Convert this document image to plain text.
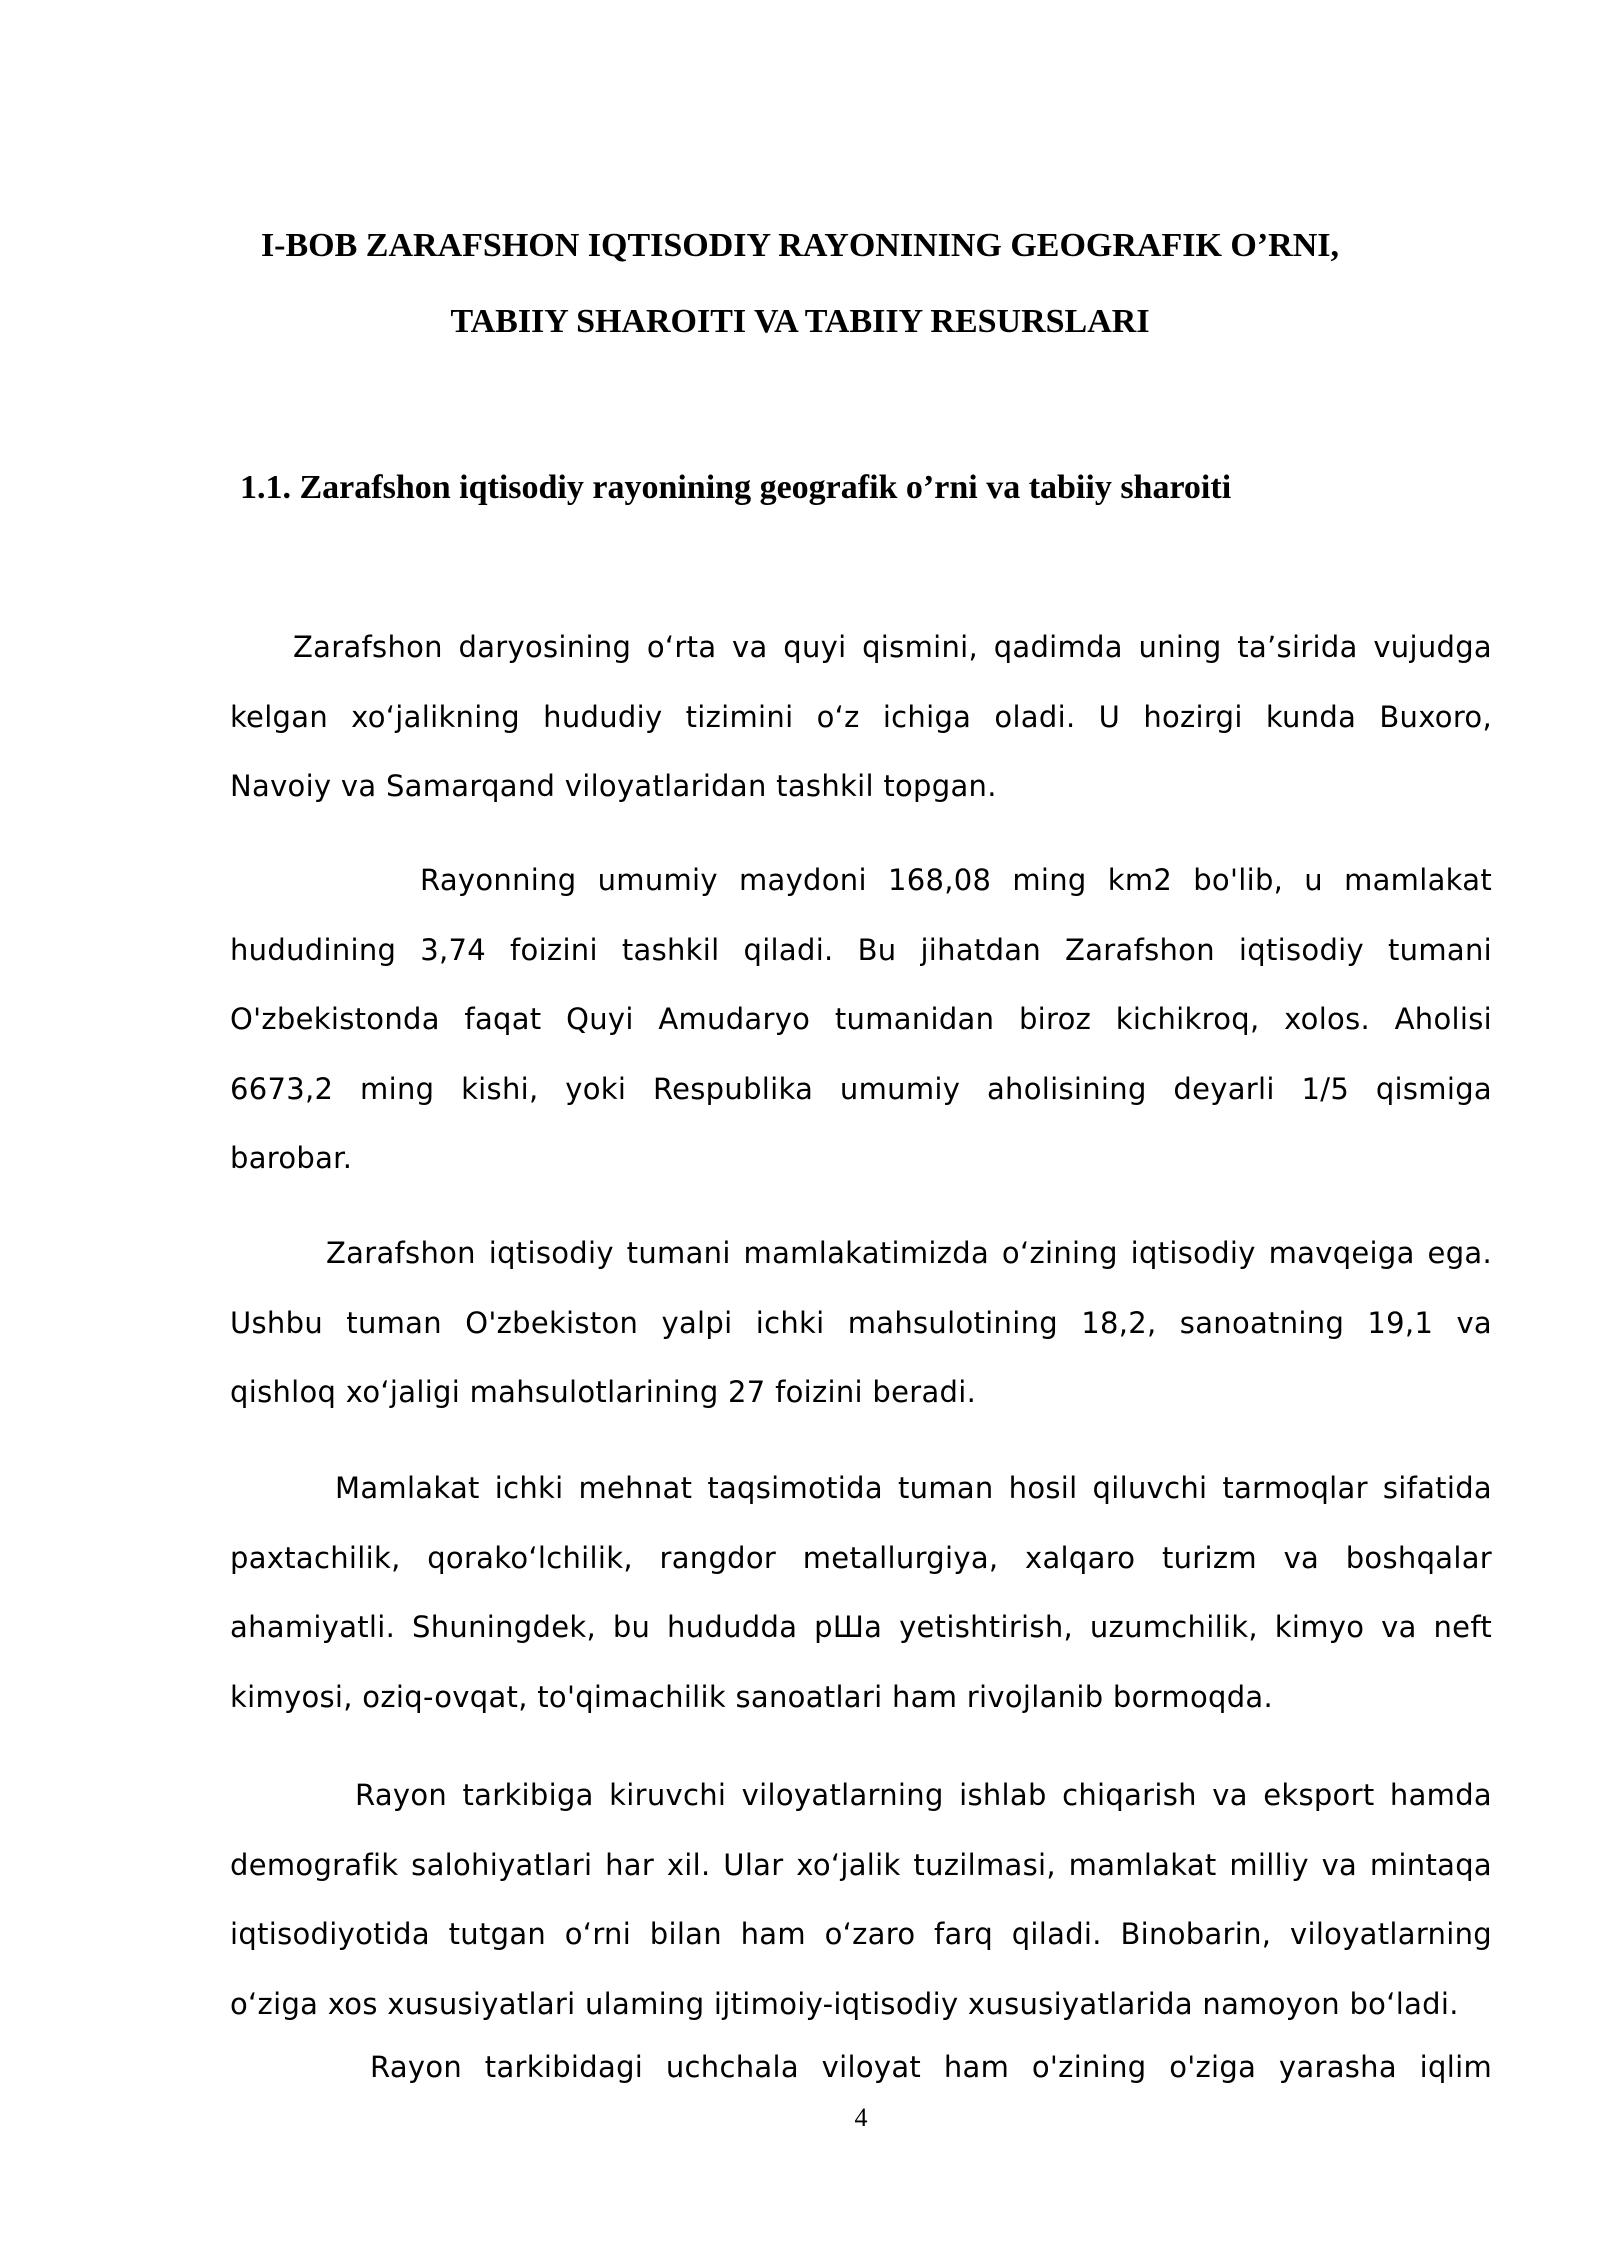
I-BOB ZARAFSHON IQTISODIY RAYONINING GEOGRAFIK O’RNI,
TABIIY SHAROITI VA TABIIY RESURSLARI
1.1. Zarafshon iqtisodiy rayonining geografik o’rni va tabiiy sharoiti
Zarafshon daryosining oʻrta va quyi qismini, qadimda uning ta’sirida vujudga
kelgan xoʻjalikning hududiy tizimini oʻz ichiga oladi. U hozirgi kunda Buxoro,
Navoiy va Samarqand viloyatlaridan tashkil topgan.
Rayonning umumiy maydoni 168,08 ming km2 bo'lib, u mamlakat
hududining 3,74 foizini tashkil qiladi. Bu jihatdan Zarafshon iqtisodiy tumani
O'zbekistonda faqat Quyi Amudaryo tumanidan biroz kichikroq, xolos. Aholisi
6673,2 ming kishi, yoki Respublika umumiy aholisining deyarli 1/5 qismiga
barobar.
Zarafshon iqtisodiy tumani mamlakatimizda oʻzining iqtisodiy mavqeiga ega.
Ushbu tuman O'zbekiston yalpi ichki mahsulotining 18,2, sanoatning 19,1 va
qishloq xoʻjaligi mahsulotlarining 27 foizini beradi.
Mamlakat ichki mehnat taqsimotida tuman hosil qiluvchi tarmoqlar sifatida
paxtachilik, qorakoʻlchilik, rangdor metallurgiya, xalqaro turizm va boshqalar
ahamiyatli. Shuningdek, bu hududda pШa yetishtirish, uzumchilik, kimyo va neft
kimyosi, oziq-ovqat, to'qimachilik sanoatlari ham rivojlanib bormoqda.
Rayon tarkibiga kiruvchi viloyatlarning ishlab chiqarish va eksport hamda
demografik salohiyatlari har xil. Ular xoʻjalik tuzilmasi, mamlakat milliy va mintaqa
iqtisodiyotida tutgan oʻrni bilan ham oʻzaro farq qiladi. Binobarin, viloyatlarning
oʻziga xos xususiyatlari ulaming ijtimoiy-iqtisodiy xususiyatlarida namoyon boʻladi.
Rayon tarkibidagi uchchala viloyat ham o'zining o'ziga yarasha iqlim
4
